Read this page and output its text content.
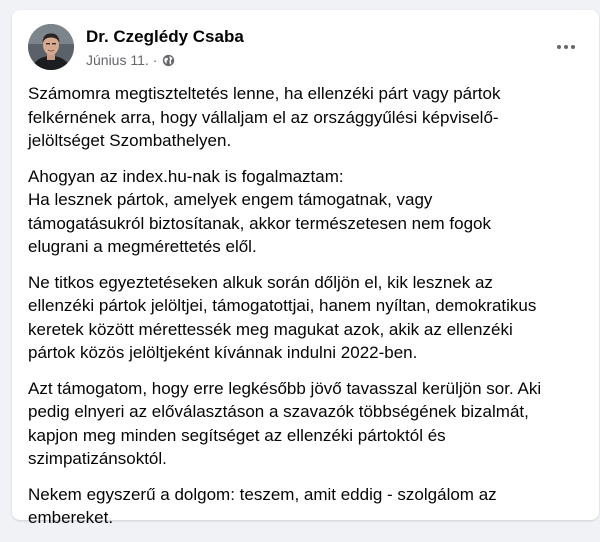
Dr. Czeglédy Csaba
Június 11. ·

Számomra megtiszteltetés lenne, ha ellenzéki párt vagy pártok
felkérnének arra, hogy vállaljam el az országgyűlési képviselő-
jelöltséget Szombathelyen.

Ahogyan az index.hu-nak is fogalmaztam:
Ha lesznek pártok, amelyek engem támogatnak, vagy
támogatásukról biztosítanak, akkor természetesen nem fogok
elugrani a megmérettetés elől.

Ne titkos egyeztetéseken alkuk során dőljön el, kik lesznek az
ellenzéki pártok jelöltjei, támogatottjai, hanem nyíltan, demokratikus
keretek között mérettessék meg magukat azok, akik az ellenzéki
pártok közös jelöltjeként kívánnak indulni 2022-ben.

Azt támogatom, hogy erre legkésőbb jövő tavasszal kerüljön sor. Aki
pedig elnyeri az előválasztáson a szavazók többségének bizalmát,
kapjon meg minden segítséget az ellenzéki pártoktól és
szimpatizánsoktól.

Nekem egyszerű a dolgom: teszem, amit eddig - szolgálom az
embereket.
